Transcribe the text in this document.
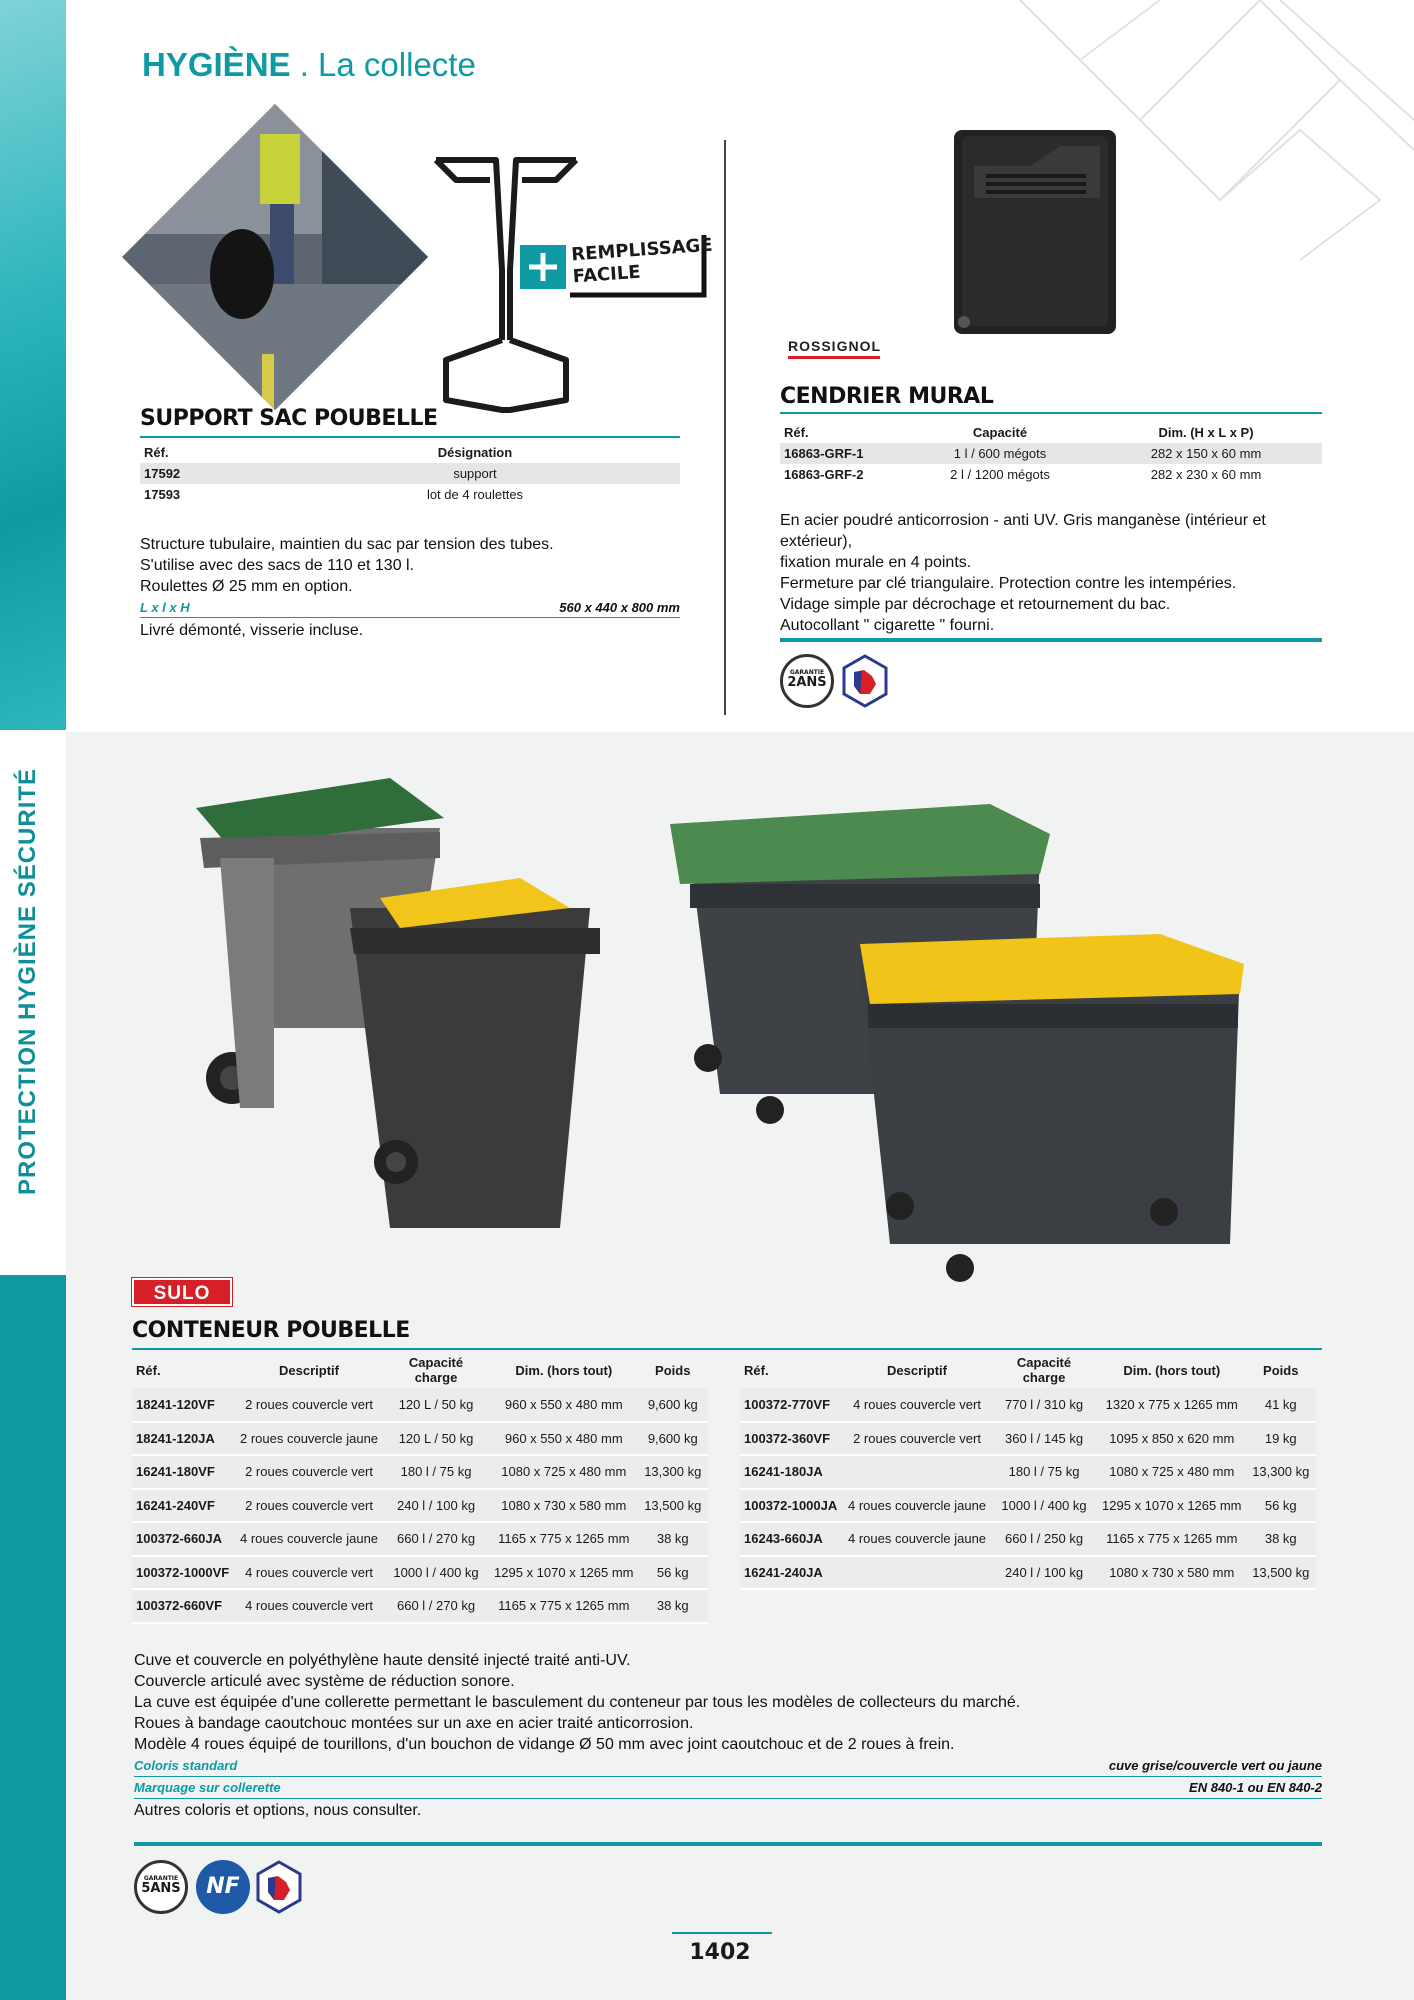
PROTECTION HYGIÈNE SÉCURITÉ
HYGIÈNE . La collecte
REMPLISSAGE FACILE
SUPPORT SAC POUBELLE
Réf.	Désignation
17592	support
17593	lot de 4 roulettes
Structure tubulaire, maintien du sac par tension des tubes.
S'utilise avec des sacs de 110 et 130 l.
Roulettes Ø 25 mm en option.
L x l x H	560 x 440 x 800 mm
Livré démonté, visserie incluse.
ROSSIGNOL
CENDRIER MURAL
Réf.	Capacité	Dim. (H x L x P)
16863-GRF-1	1 l / 600 mégots	282 x 150 x 60 mm
16863-GRF-2	2 l / 1200 mégots	282 x 230 x 60 mm
En acier poudré anticorrosion - anti UV. Gris manganèse (intérieur et extérieur),
fixation murale en 4 points.
Fermeture par clé triangulaire. Protection contre les intempéries.
Vidage simple par décrochage et retournement du bac.
Autocollant " cigarette " fourni.
GARANTIE
2ANS
SULO
CONTENEUR POUBELLE
Réf.	Descriptif	Capacité charge	Dim. (hors tout)	Poids
18241-120VF	2 roues couvercle vert	120 L / 50 kg	960 x 550 x 480 mm	9,600 kg
18241-120JA	2 roues couvercle jaune	120 L / 50 kg	960 x 550 x 480 mm	9,600 kg
16241-180VF	2 roues couvercle vert	180 l / 75 kg	1080 x 725 x 480 mm	13,300 kg
16241-240VF	2 roues couvercle vert	240 l / 100 kg	1080 x 730 x 580 mm	13,500 kg
100372-660JA	4 roues couvercle jaune	660 l / 270 kg	1165 x 775 x 1265 mm	38 kg
100372-1000VF	4 roues couvercle vert	1000 l / 400 kg	1295 x 1070 x 1265 mm	56 kg
100372-660VF	4 roues couvercle vert	660 l / 270 kg	1165 x 775 x 1265 mm	38 kg
Réf.	Descriptif	Capacité charge	Dim. (hors tout)	Poids
100372-770VF	4 roues couvercle vert	770 l / 310 kg	1320 x 775 x 1265 mm	41 kg
100372-360VF	2 roues couvercle vert	360 l / 145 kg	1095 x 850 x 620 mm	19 kg
16241-180JA		180 l / 75 kg	1080 x 725 x 480 mm	13,300 kg
100372-1000JA	4 roues couvercle jaune	1000 l / 400 kg	1295 x 1070 x 1265 mm	56 kg
16243-660JA	4 roues couvercle jaune	660 l / 250 kg	1165 x 775 x 1265 mm	38 kg
16241-240JA		240 l / 100 kg	1080 x 730 x 580 mm	13,500 kg
Cuve et couvercle en polyéthylène haute densité injecté traité anti-UV.
Couvercle articulé avec système de réduction sonore.
La cuve est équipée d'une collerette permettant le basculement du conteneur par tous les modèles de collecteurs du marché.
Roues à bandage caoutchouc montées sur un axe en acier traité anticorrosion.
Modèle 4 roues équipé de tourillons, d'un bouchon de vidange Ø 50 mm avec joint caoutchouc et de 2 roues à frein.
Coloris standard	cuve grise/couvercle vert ou jaune
Marquage sur collerette	EN 840-1 ou EN 840-2
Autres coloris et options, nous consulter.
GARANTIE
5ANS	NF
1402
